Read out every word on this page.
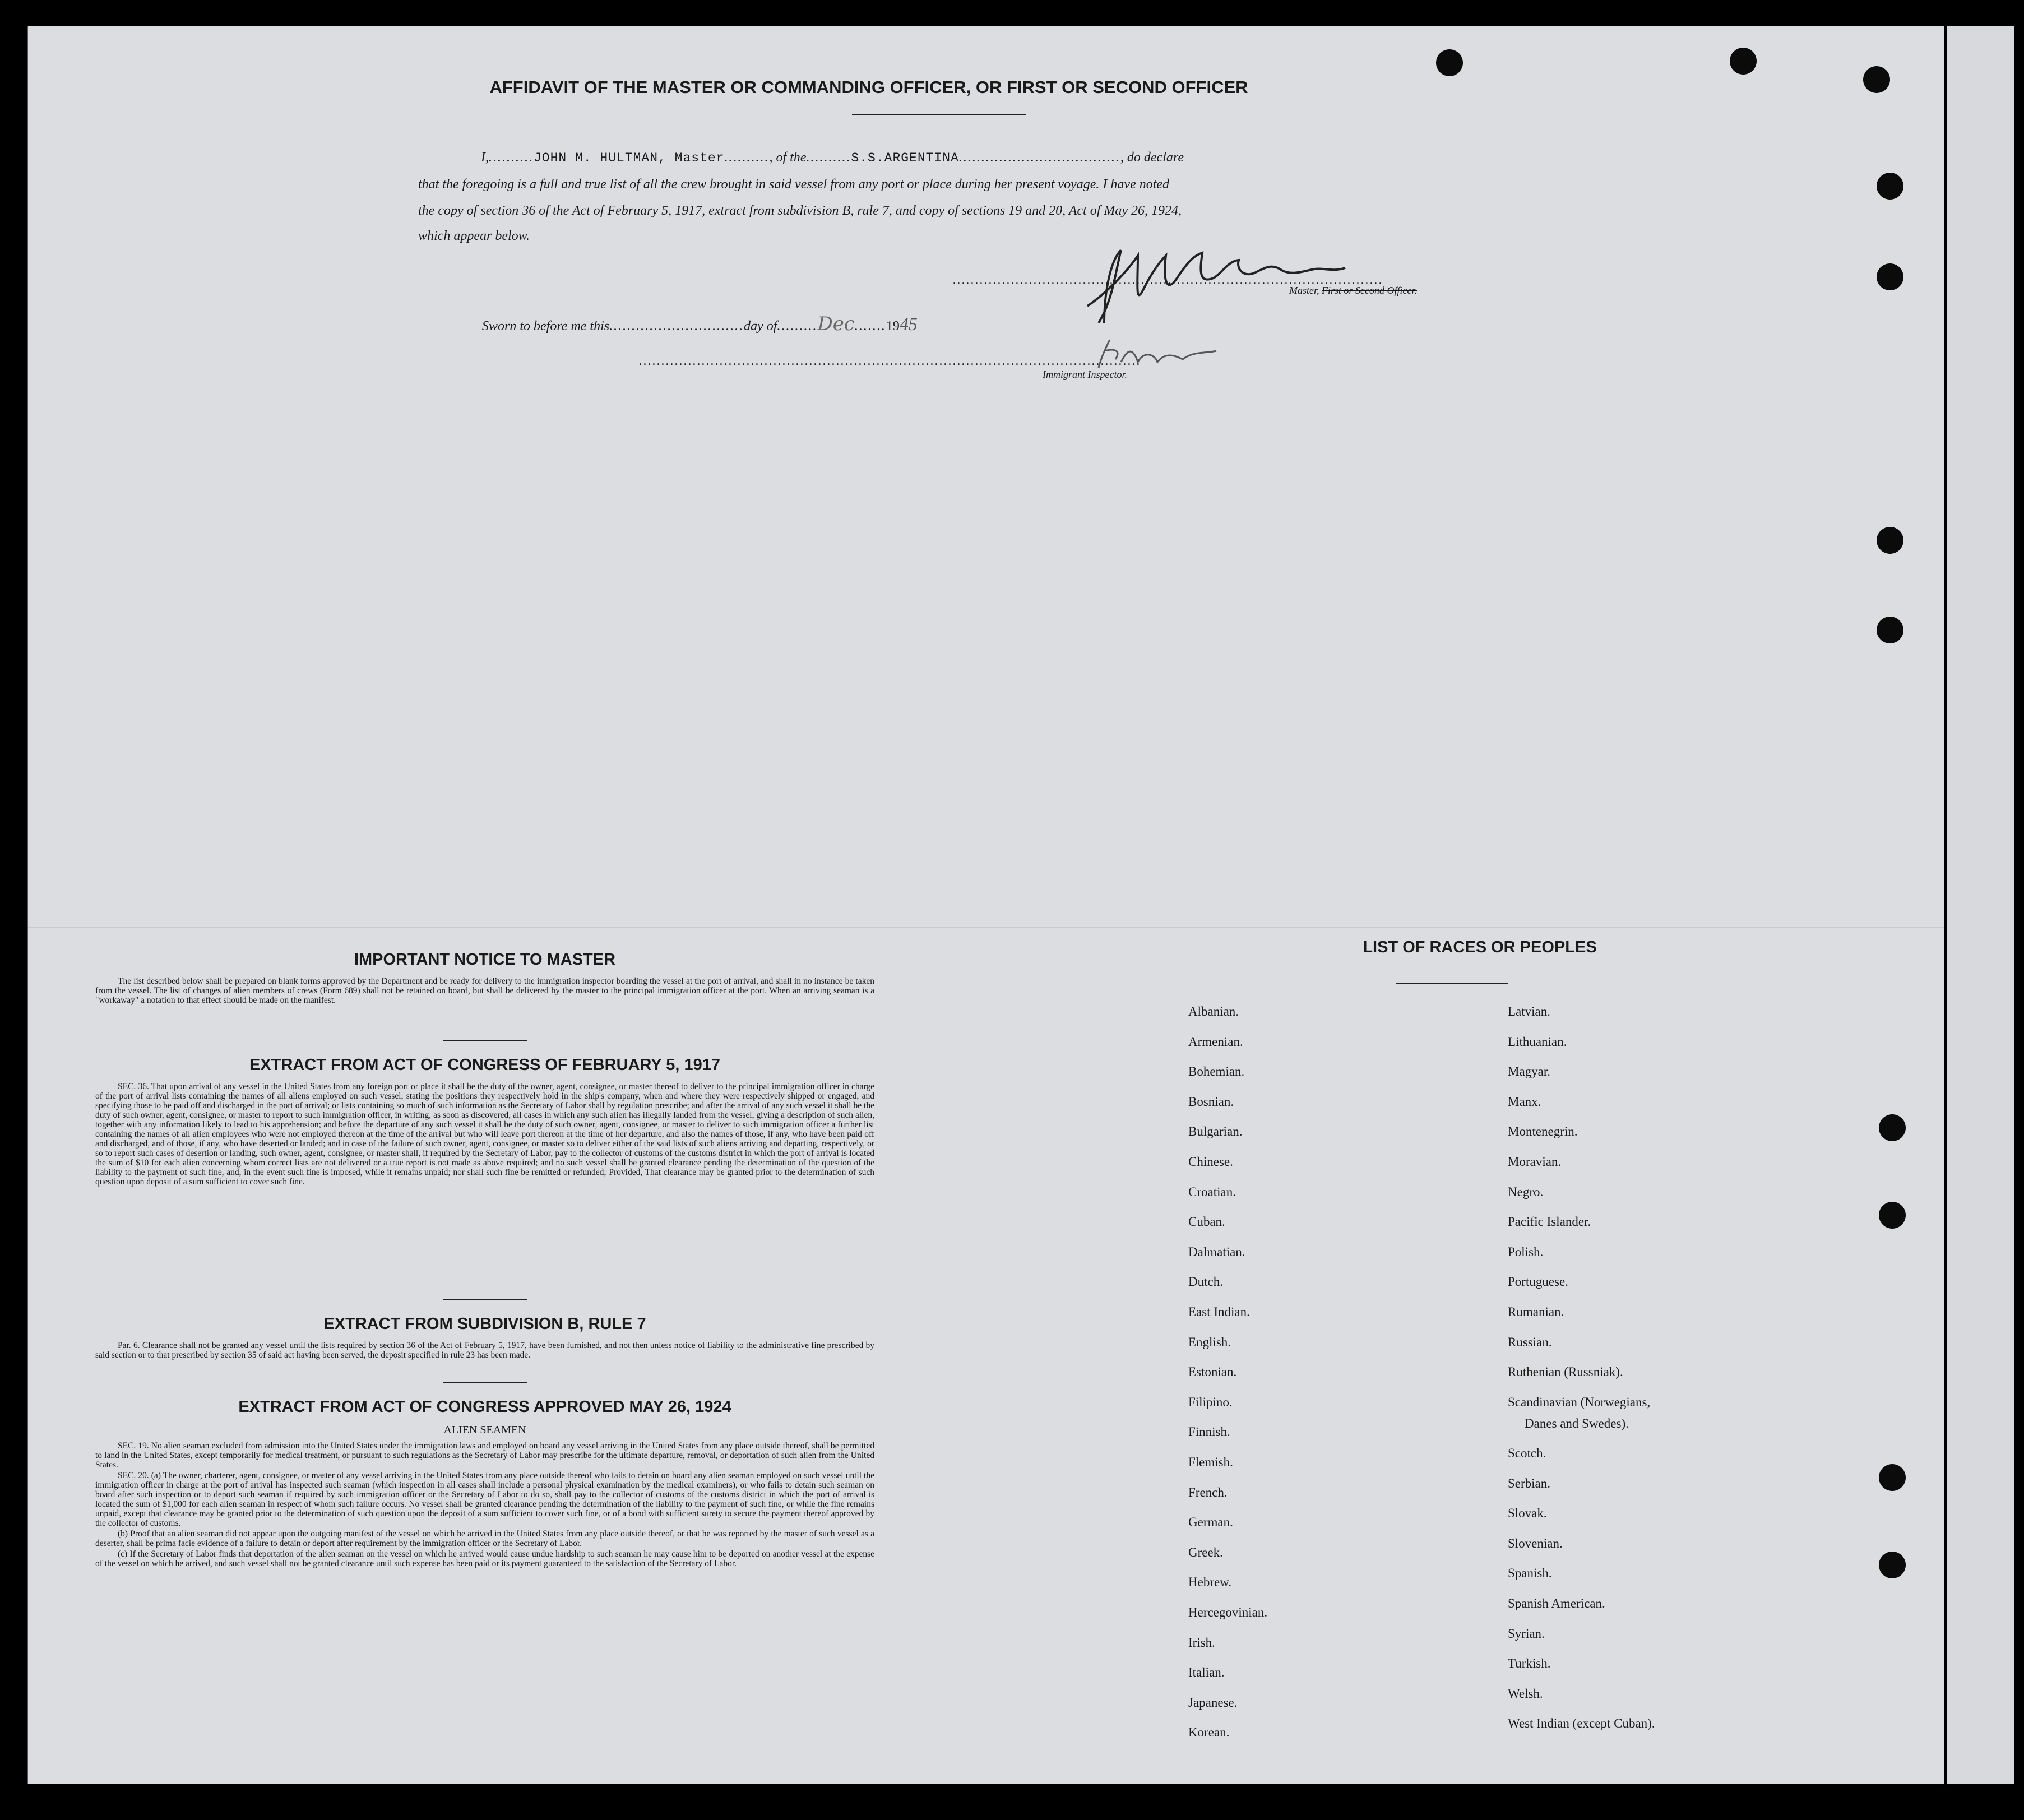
AFFIDAVIT OF THE MASTER OR COMMANDING OFFICER, OR FIRST OR SECOND OFFICER
I,..........JOHN M. HULTMAN, Master.........., of the..........S.S.ARGENTINA...................................., do declare
that the foregoing is a full and true list of all the crew brought in said vessel from any port or place during her present voyage. I have noted
the copy of section 36 of the Act of February 5, 1917, extract from subdivision B, rule 7, and copy of sections 19 and 20, Act of May 26, 1924,
which appear below.
................................................................................................
Master, First or Second Officer.
Sworn to before me this..............................day of.........Dec.......1945
................................................................................................................
Immigrant Inspector.
IMPORTANT NOTICE TO MASTER

The list described below shall be prepared on blank forms approved by the Department and be ready for delivery to the immigration inspector boarding the vessel at the port of arrival, and shall in no instance be taken from the vessel. The list of changes of alien members of crews (Form 689) shall not be retained on board, but shall be delivered by the master to the principal immigration officer at the port. When an arriving seaman is a "workaway" a notation to that effect should be made on the manifest.

EXTRACT FROM ACT OF CONGRESS OF FEBRUARY 5, 1917

SEC. 36. That upon arrival of any vessel in the United States from any foreign port or place it shall be the duty of the owner, agent, consignee, or master thereof to deliver to the principal immigration officer in charge of the port of arrival lists containing the names of all aliens employed on such vessel, stating the positions they respectively hold in the ship's company, when and where they were respectively shipped or engaged, and specifying those to be paid off and discharged in the port of arrival; or lists containing so much of such information as the Secretary of Labor shall by regulation prescribe; and after the arrival of any such vessel it shall be the duty of such owner, agent, consignee, or master to report to such immigration officer, in writing, as soon as discovered, all cases in which any such alien has illegally landed from the vessel, giving a description of such alien, together with any information likely to lead to his apprehension; and before the departure of any such vessel it shall be the duty of such owner, agent, consignee, or master to deliver to such immigration officer a further list containing the names of all alien employees who were not employed thereon at the time of the arrival but who will leave port thereon at the time of her departure, and also the names of those, if any, who have been paid off and discharged, and of those, if any, who have deserted or landed; and in case of the failure of such owner, agent, consignee, or master so to deliver either of the said lists of such aliens arriving and departing, respectively, or so to report such cases of desertion or landing, such owner, agent, consignee, or master shall, if required by the Secretary of Labor, pay to the collector of customs of the customs district in which the port of arrival is located the sum of $10 for each alien concerning whom correct lists are not delivered or a true report is not made as above required; and no such vessel shall be granted clearance pending the determination of the question of the liability to the payment of such fine, and, in the event such fine is imposed, while it remains unpaid; nor shall such fine be remitted or refunded; Provided, That clearance may be granted prior to the determination of such question upon deposit of a sum sufficient to cover such fine.

EXTRACT FROM SUBDIVISION B, RULE 7

Par. 6. Clearance shall not be granted any vessel until the lists required by section 36 of the Act of February 5, 1917, have been furnished, and not then unless notice of liability to the administrative fine prescribed by said section or to that prescribed by section 35 of said act having been served, the deposit specified in rule 23 has been made.

EXTRACT FROM ACT OF CONGRESS APPROVED MAY 26, 1924
ALIEN SEAMEN

SEC. 19. No alien seaman excluded from admission into the United States under the immigration laws and employed on board any vessel arriving in the United States from any place outside thereof, shall be permitted to land in the United States, except temporarily for medical treatment, or pursuant to such regulations as the Secretary of Labor may prescribe for the ultimate departure, removal, or deportation of such alien from the United States.

SEC. 20. (a) The owner, charterer, agent, consignee, or master of any vessel arriving in the United States from any place outside thereof who fails to detain on board any alien seaman employed on such vessel until the immigration officer in charge at the port of arrival has inspected such seaman (which inspection in all cases shall include a personal physical examination by the medical examiners), or who fails to detain such seaman on board after such inspection or to deport such seaman if required by such immigration officer or the Secretary of Labor to do so, shall pay to the collector of customs of the customs district in which the port of arrival is located the sum of $1,000 for each alien seaman in respect of whom such failure occurs. No vessel shall be granted clearance pending the determination of the liability to the payment of such fine, or while the fine remains unpaid, except that clearance may be granted prior to the determination of such question upon the deposit of a sum sufficient to cover such fine, or of a bond with sufficient surety to secure the payment thereof approved by the collector of customs.

(b) Proof that an alien seaman did not appear upon the outgoing manifest of the vessel on which he arrived in the United States from any place outside thereof, or that he was reported by the master of such vessel as a deserter, shall be prima facie evidence of a failure to detain or deport after requirement by the immigration officer or the Secretary of Labor.

(c) If the Secretary of Labor finds that deportation of the alien seaman on the vessel on which he arrived would cause undue hardship to such seaman he may cause him to be deported on another vessel at the expense of the vessel on which he arrived, and such vessel shall not be granted clearance until such expense has been paid or its payment guaranteed to the satisfaction of the Secretary of Labor.

LIST OF RACES OR PEOPLES
Albanian.
Armenian.
Bohemian.
Bosnian.
Bulgarian.
Chinese.
Croatian.
Cuban.
Dalmatian.
Dutch.
East Indian.
English.
Estonian.
Filipino.
Finnish.
Flemish.
French.
German.
Greek.
Hebrew.
Hercegovinian.
Irish.
Italian.
Japanese.
Korean.
Latvian.
Lithuanian.
Magyar.
Manx.
Montenegrin.
Moravian.
Negro.
Pacific Islander.
Polish.
Portuguese.
Rumanian.
Russian.
Ruthenian (Russniak).
Scandinavian (Norwegians,
Danes and Swedes).
Scotch.
Serbian.
Slovak.
Slovenian.
Spanish.
Spanish American.
Syrian.
Turkish.
Welsh.
West Indian (except Cuban).
